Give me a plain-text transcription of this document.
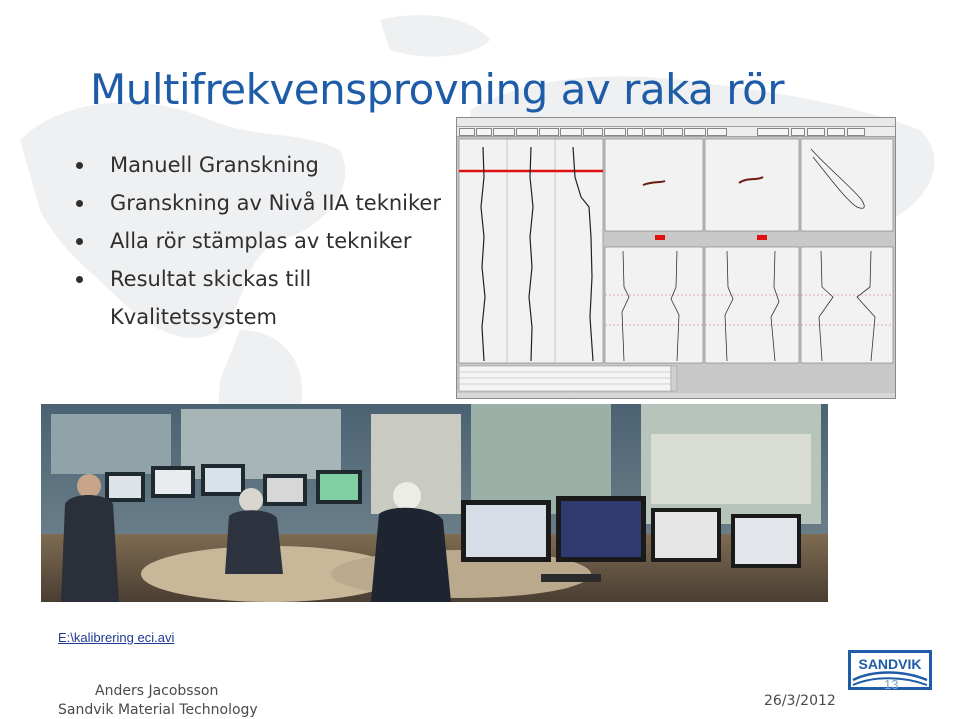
Multifrekvensprovning av raka rör
Manuell Granskning
Granskning av Nivå IIA tekniker
Alla rör stämplas av tekniker
Resultat skickas till Kvalitetssystem
E:\kalibrering eci.avi
Anders Jacobsson
Sandvik Material Technology
26/3/2012
SANDVIK
13
